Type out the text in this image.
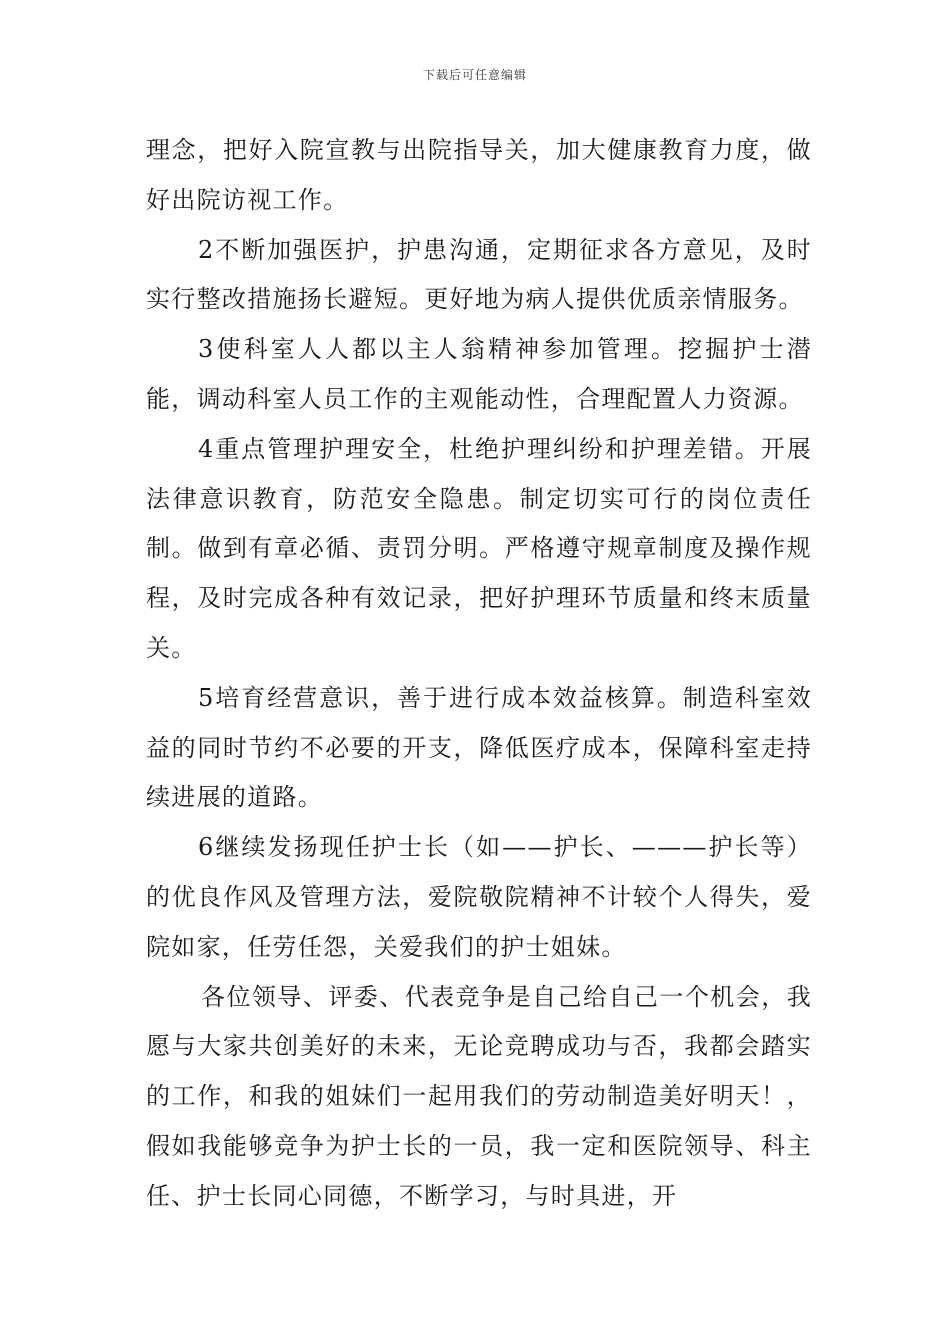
下载后可任意编辑

理念，把好入院宣教与出院指导关，加大健康教育力度，做好出院访视工作。

2不断加强医护，护患沟通，定期征求各方意见，及时实行整改措施扬长避短。更好地为病人提供优质亲情服务。

3使科室人人都以主人翁精神参加管理。挖掘护士潜能，调动科室人员工作的主观能动性，合理配置人力资源。

4重点管理护理安全，杜绝护理纠纷和护理差错。开展法律意识教育，防范安全隐患。制定切实可行的岗位责任制。做到有章必循、责罚分明。严格遵守规章制度及操作规程，及时完成各种有效记录，把好护理环节质量和终末质量关。

5培育经营意识，善于进行成本效益核算。制造科室效益的同时节约不必要的开支，降低医疗成本，保障科室走持续进展的道路。

6继续发扬现任护士长（如——护长、———护长等）的优良作风及管理方法，爱院敬院精神不计较个人得失，爱院如家，任劳任怨，关爱我们的护士姐妹。

各位领导、评委、代表竞争是自己给自己一个机会，我愿与大家共创美好的未来，无论竞聘成功与否，我都会踏实的工作，和我的姐妹们一起用我们的劳动制造美好明天！，假如我能够竞争为护士长的一员，我一定和医院领导、科主任、护士长同心同德，不断学习，与时具进，开
